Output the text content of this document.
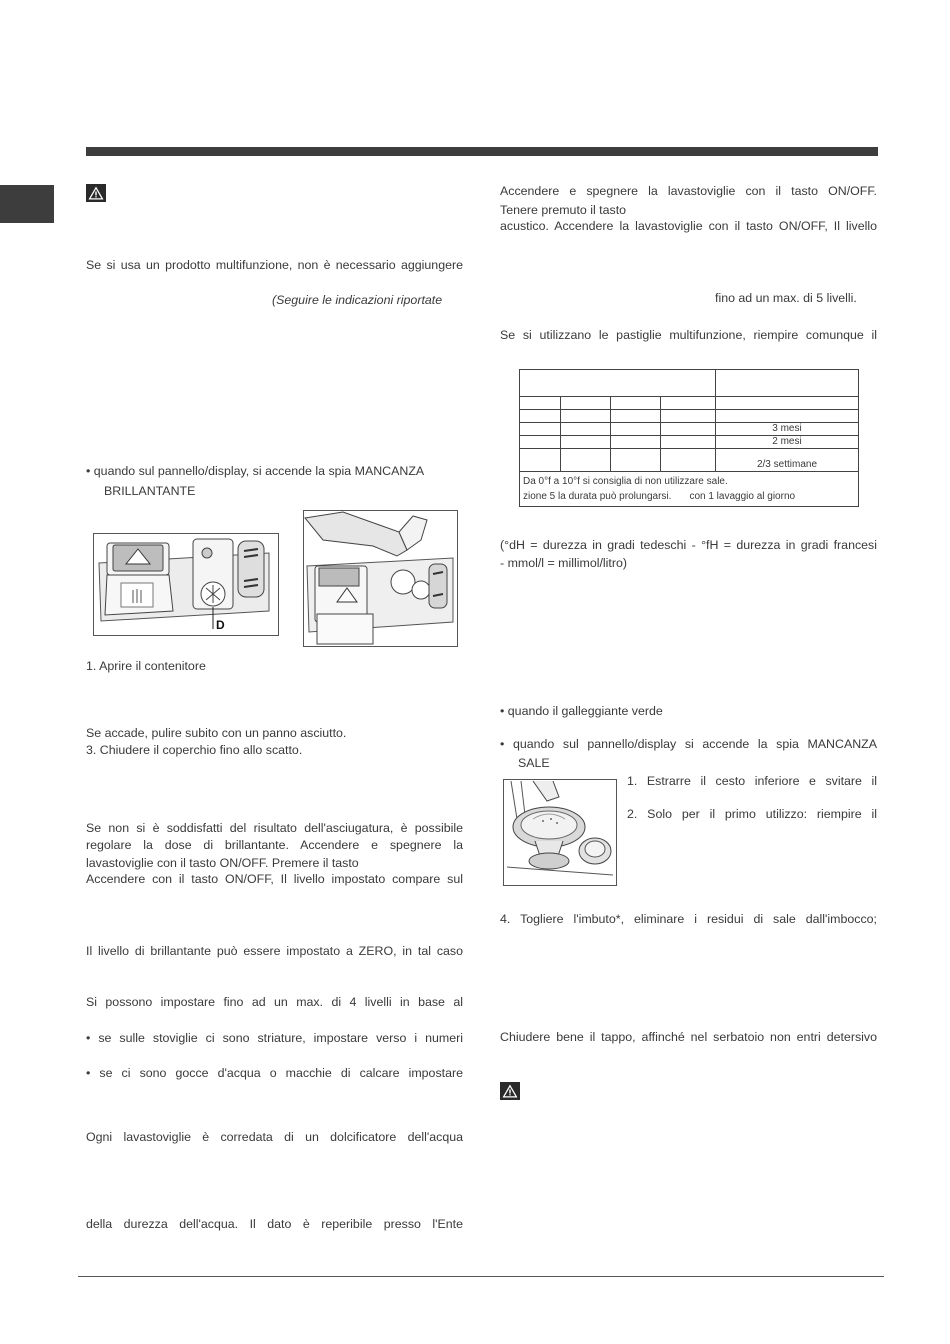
Se si usa un prodotto multifunzione, non è necessario aggiungere
(Seguire le indicazioni riportate
• quando sul pannello/display, si accende la spia MANCANZA
BRILLANTANTE
D
1. Aprire il contenitore
Se accade, pulire subito con un panno asciutto.
3. Chiudere il coperchio fino allo scatto.
Se non si è soddisfatti del risultato dell'asciugatura, è possibile
regolare la dose di brillantante. Accendere e spegnere la
lavastoviglie con il tasto ON/OFF. Premere il tasto
Accendere con il tasto ON/OFF, Il livello impostato compare sul
Il livello di brillantante può essere impostato a ZERO, in tal caso
Si possono impostare fino ad un max. di 4 livelli in base al
• se sulle stoviglie ci sono striature, impostare verso i numeri
• se ci sono gocce d'acqua o macchie di calcare impostare
Ogni lavastoviglie è corredata di un dolcificatore dell'acqua
della durezza dell'acqua. Il dato è reperibile presso l'Ente
Accendere e spegnere la lavastoviglie con il tasto ON/OFF.
Tenere premuto il tasto
acustico. Accendere la lavastoviglie con il tasto ON/OFF, Il livello
fino ad un max. di 5 livelli.
Se si utilizzano le pastiglie multifunzione, riempire comunque il

				3 mesi
				2 mesi
				2/3 settimane

Da 0°f a 10°f si consiglia di non utilizzare sale.
zione 5 la durata può prolungarsi. con 1 lavaggio al giorno				
(°dH = durezza in gradi tedeschi - °fH = durezza in gradi francesi
- mmol/l = millimol/litro)
• quando il galleggiante verde
• quando sul pannello/display si accende la spia MANCANZA
SALE
1. Estrarre il cesto inferiore e svitare il
2. Solo per il primo utilizzo: riempire il
4. Togliere l'imbuto*, eliminare i residui di sale dall'imbocco;
Chiudere bene il tappo, affinché nel serbatoio non entri detersivo
